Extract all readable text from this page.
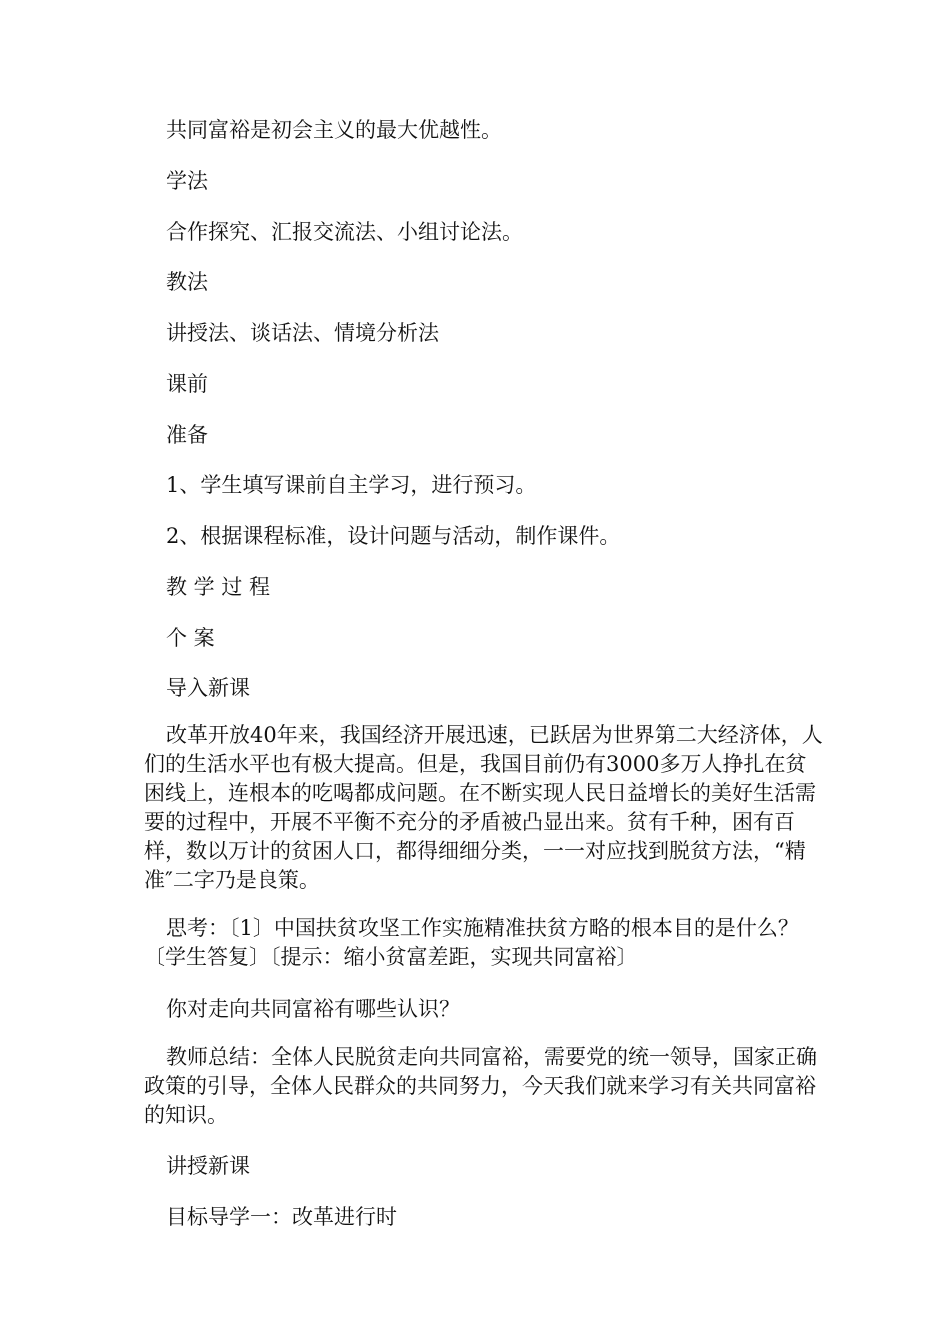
共同富裕是初会主义的最大优越性。

学法

合作探究、汇报交流法、小组讨论法。

教法

讲授法、谈话法、情境分析法

课前

准备

1、学生填写课前自主学习，进行预习。

2、根据课程标准，设计问题与活动，制作课件。

教 学 过 程

个 案

导入新课

改革开放40年来，我国经济开展迅速，已跃居为世界第二大经济体，人们的生活水平也有极大提高。但是，我国目前仍有3000多万人挣扎在贫困线上，连根本的吃喝都成问题。在不断实现人民日益增长的美好生活需要的过程中，开展不平衡不充分的矛盾被凸显出来。贫有千种，困有百样，数以万计的贫困人口，都得细细分类，一一对应找到脱贫方法，“精准″二字乃是良策。

思考：〔1〕中国扶贫攻坚工作实施精准扶贫方略的根本目的是什么？〔学生答复〕〔提示：缩小贫富差距，实现共同富裕〕

你对走向共同富裕有哪些认识？

教师总结：全体人民脱贫走向共同富裕，需要党的统一领导，国家正确政策的引导，全体人民群众的共同努力，今天我们就来学习有关共同富裕的知识。

讲授新课

目标导学一：改革进行时
